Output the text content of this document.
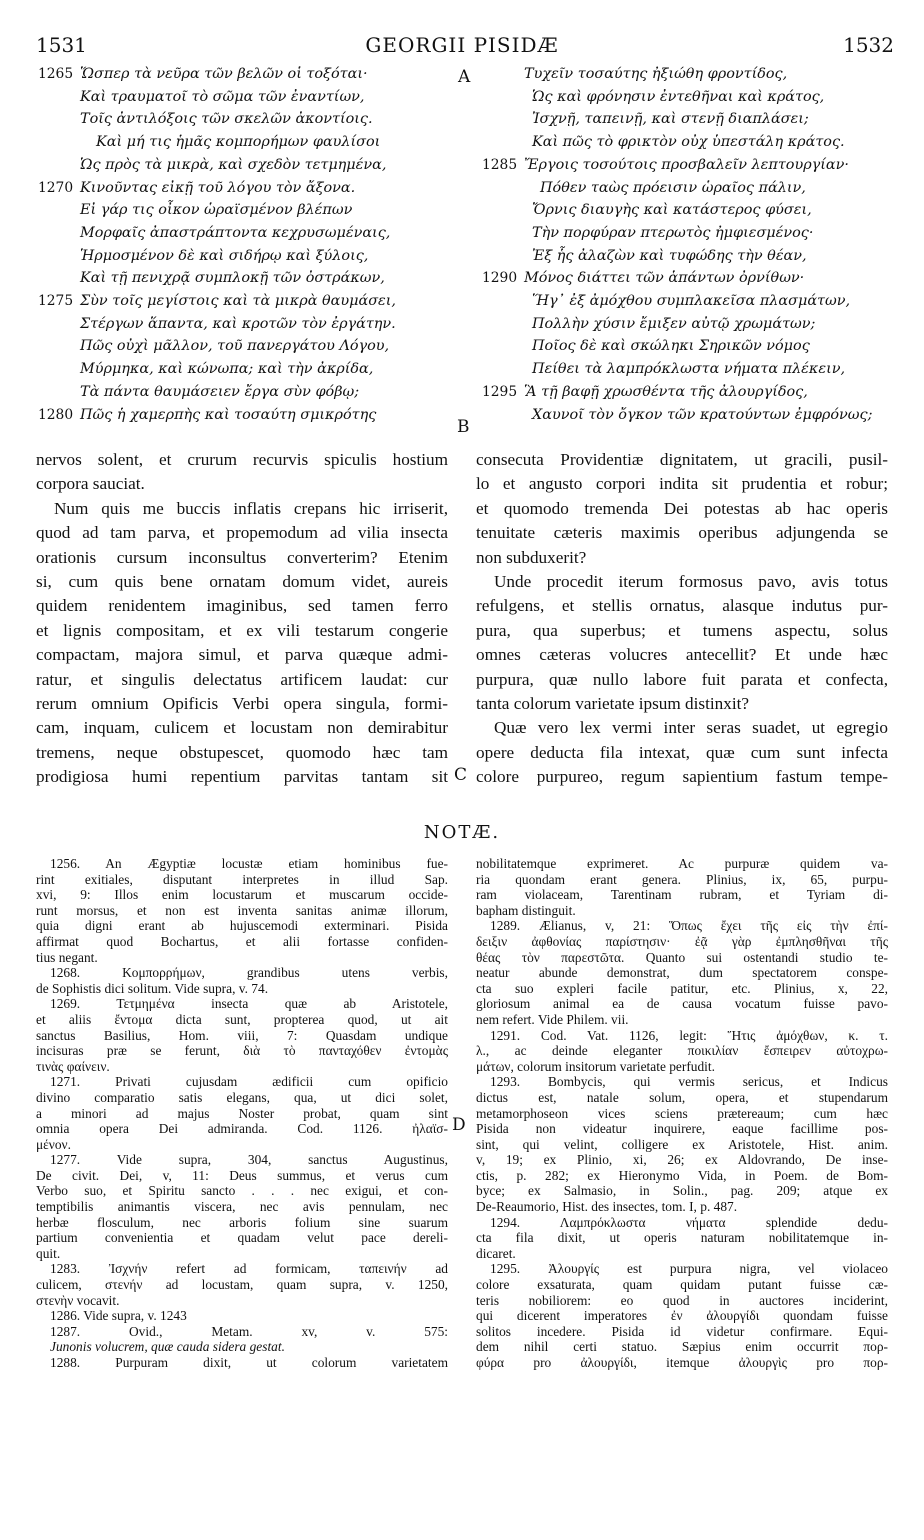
1531	GEORGII PISIDÆ	1532
1265 Ὥσπερ τὰ νεῦρα τῶν βελῶν οἱ τοξόται·
Καὶ τραυματοῖ τὸ σῶμα τῶν ἐναντίων,
Τοῖς ἀντιλόξοις τῶν σκελῶν ἀκοντίοις.
Καὶ μή τις ἡμᾶς κομπορήμων φαυλίσοι
Ὡς πρὸς τὰ μικρὰ, καὶ σχεδὸν τετμημένα,
1270 Κινοῦντας εἰκῇ τοῦ λόγου τὸν ἄξονα.
Εἰ γάρ τις οἶκον ὡραϊσμένον βλέπων
Μορφαῖς ἀπαστράπτοντα κεχρυσωμέναις,
Ἡρμοσμένον δὲ καὶ σιδήρῳ καὶ ξύλοις,
Καὶ τῇ πενιχρᾷ συμπλοκῇ τῶν ὀστράκων,
1275 Σὺν τοῖς μεγίστοις καὶ τὰ μικρὰ θαυμάσει,
Στέργων ἅπαντα, καὶ κροτῶν τὸν ἐργάτην.
Πῶς οὐχὶ μᾶλλον, τοῦ πανεργάτου Λόγου,
Μύρμηκα, καὶ κώνωπα; καὶ τὴν ἀκρίδα,
Τὰ πάντα θαυμάσειεν ἔργα σὺν φόβῳ;
1280 Πῶς ἡ χαμερπὴς καὶ τοσαύτη σμικρότης
Τυχεῖν τοσαύτης ἠξιώθη φροντίδος,
Ὡς καὶ φρόνησιν ἐντεθῆναι καὶ κράτος,
Ἰσχνῇ, ταπεινῇ, καὶ στενῇ διαπλάσει;
Καὶ πῶς τὸ φρικτὸν οὐχ ὑπεστάλη κράτος.
1285 Ἔργοις τοσούτοις προσβαλεῖν λεπτουργίαν·
Πόθεν ταὼς πρόεισιν ὡραῖος πάλιν,
Ὄρνις διαυγὴς καὶ κατάστερος φύσει,
Τὴν πορφύραν πτερωτὸς ἠμφιεσμένος·
Ἐξ ἧς ἀλαζὼν καὶ τυφώδης τὴν θέαν,
1290 Μόνος διάττει τῶν ἁπάντων ὀρνίθων·
Ἥγ᾽ ἐξ ἀμόχθου συμπλακεῖσα πλασμάτων,
Πολλὴν χύσιν ἔμιξεν αὐτῷ χρωμάτων;
Ποῖος δὲ καὶ σκώληκι Σηρικῶν νόμος
Πείθει τὰ λαμπρόκλωστα νήματα πλέκειν,
1295 Ἃ τῇ βαφῇ χρωσθέντα τῆς ἀλουργίδος,
Χαυνοῖ τὸν ὄγκον τῶν κρατούντων ἐμφρόνως;
A
B
C
D
nervos solent, et crurum recurvis spiculis hostium
corpora sauciat.
Num quis me buccis inflatis crepans hic irriserit,
quod ad tam parva, et propemodum ad vilia insecta
orationis cursum inconsultus converterim? Etenim
si, cum quis bene ornatam domum videt, aureis
quidem renidentem imaginibus, sed tamen ferro
et lignis compositam, et ex vili testarum congerie
compactam, majora simul, et parva quæque admi-
ratur, et singulis delectatus artificem laudat: cur
rerum omnium Opificis Verbi opera singula, formi-
cam, inquam, culicem et locustam non demirabitur
tremens, neque obstupescet, quomodo hæc tam
prodigiosa humi repentium parvitas tantam sit
consecuta Providentiæ dignitatem, ut gracili, pusil-
lo et angusto corpori indita sit prudentia et robur;
et quomodo tremenda Dei potestas ab hac operis
tenuitate cæteris maximis operibus adjungenda se
non subduxerit?
Unde procedit iterum formosus pavo, avis totus
refulgens, et stellis ornatus, alasque indutus pur-
pura, qua superbus; et tumens aspectu, solus
omnes cæteras volucres antecellit? Et unde hæc
purpura, quæ nullo labore fuit parata et confecta,
tanta colorum varietate ipsum distinxit?
Quæ vero lex vermi inter seras suadet, ut egregio
opere deducta fila intexat, quæ cum sunt infecta
colore purpureo, regum sapientium fastum tempe-
NOTÆ.
1256. An Ægyptiæ locustæ etiam hominibus fue-
rint exitiales, disputant interpretes in illud Sap.
xvi, 9: Illos enim locustarum et muscarum occide-
runt morsus, et non est inventa sanitas animæ illorum,
quia digni erant ab hujuscemodi exterminari. Pisida
affirmat quod Bochartus, et alii fortasse confiden-
tius negant.
1268. Κομπορρήμων, grandibus utens verbis,
de Sophistis dici solitum. Vide supra, v. 74.
1269. Τετμημένα insecta quæ ab Aristotele,
et aliis ἔντομα dicta sunt, propterea quod, ut ait
sanctus Basilius, Hom. viii, 7: Quasdam undique
incisuras præ se ferunt, διὰ τὸ πανταχόθεν ἐντομὰς
τινὰς φαίνειν.
1271. Privati cujusdam ædificii cum opificio
divino comparatio satis elegans, qua, ut dici solet,
a minori ad majus Noster probat, quam sint
omnia opera Dei admiranda. Cod. 1126. ἠλαϊσ-
μένον.
1277. Vide supra, 304, sanctus Augustinus,
De civit. Dei, v, 11: Deus summus, et verus cum
Verbo suo, et Spiritu sancto . . . nec exigui, et con-
temptibilis animantis viscera, nec avis pennulam, nec
herbæ flosculum, nec arboris folium sine suarum
partium convenientia et quadam velut pace dereli-
quit.
1283. Ἰσχνήν refert ad formicam, ταπεινήν ad
culicem, στενήν ad locustam, quam supra, v. 1250,
στενὴν vocavit.
1286. Vide supra, v. 1243
1287. Ovid., Metam. xv, v. 575:
Junonis volucrem, quæ cauda sidera gestat.
1288. Purpuram dixit, ut colorum varietatem
nobilitatemque exprimeret. Ac purpuræ quidem va-
ria quondam erant genera. Plinius, ix, 65, purpu-
ram violaceam, Tarentinam rubram, et Tyriam di-
bapham distinguit.
1289. Ælianus, v, 21: Ὅπως ἔχει τῆς εἰς τὴν ἐπί-
δειξιν ἀφθονίας παρίστησιν· ἐᾷ γὰρ ἐμπλησθῆναι τῆς
θέας τὸν παρεστῶτα. Quanto sui ostentandi studio te-
neatur abunde demonstrat, dum spectatorem conspe-
cta suo expleri facile patitur, etc. Plinius, x, 22,
gloriosum animal ea de causa vocatum fuisse pavo-
nem refert. Vide Philem. vii.
1291. Cod. Vat. 1126, legit: Ἥτις ἀμόχθων, κ. τ.
λ., ac deinde eleganter ποικιλίαν ἔσπειρεν αὐτοχρω-
μάτων, colorum insitorum varietate perfudit.
1293. Bombycis, qui vermis sericus, et Indicus
dictus est, natale solum, opera, et stupendarum
metamorphoseon vices sciens prætereaum; cum hæc
Pisida non videatur inquirere, eaque facillime pos-
sint, qui velint, colligere ex Aristotele, Hist. anim.
v, 19; ex Plinio, xi, 26; ex Aldovrando, De inse-
ctis, p. 282; ex Hieronymo Vida, in Poem. de Bom-
byce; ex Salmasio, in Solin., pag. 209; atque ex
De-Reaumorio, Hist. des insectes, tom. I, p. 487.
1294. Λαμπρόκλωστα νήματα splendide dedu-
cta fila dixit, ut operis naturam nobilitatemque in-
dicaret.
1295. Ἀλουργίς est purpura nigra, vel violaceo
colore exsaturata, quam quidam putant fuisse cæ-
teris nobiliorem: eo quod in auctores inciderint,
qui dicerent imperatores ἐν ἀλουργίδι quondam fuisse
solitos incedere. Pisida id videtur confirmare. Equi-
dem nihil certi statuo. Sæpius enim occurrit πορ-
φύρα pro ἀλουργίδι, itemque ἀλουργὶς pro πορ-
